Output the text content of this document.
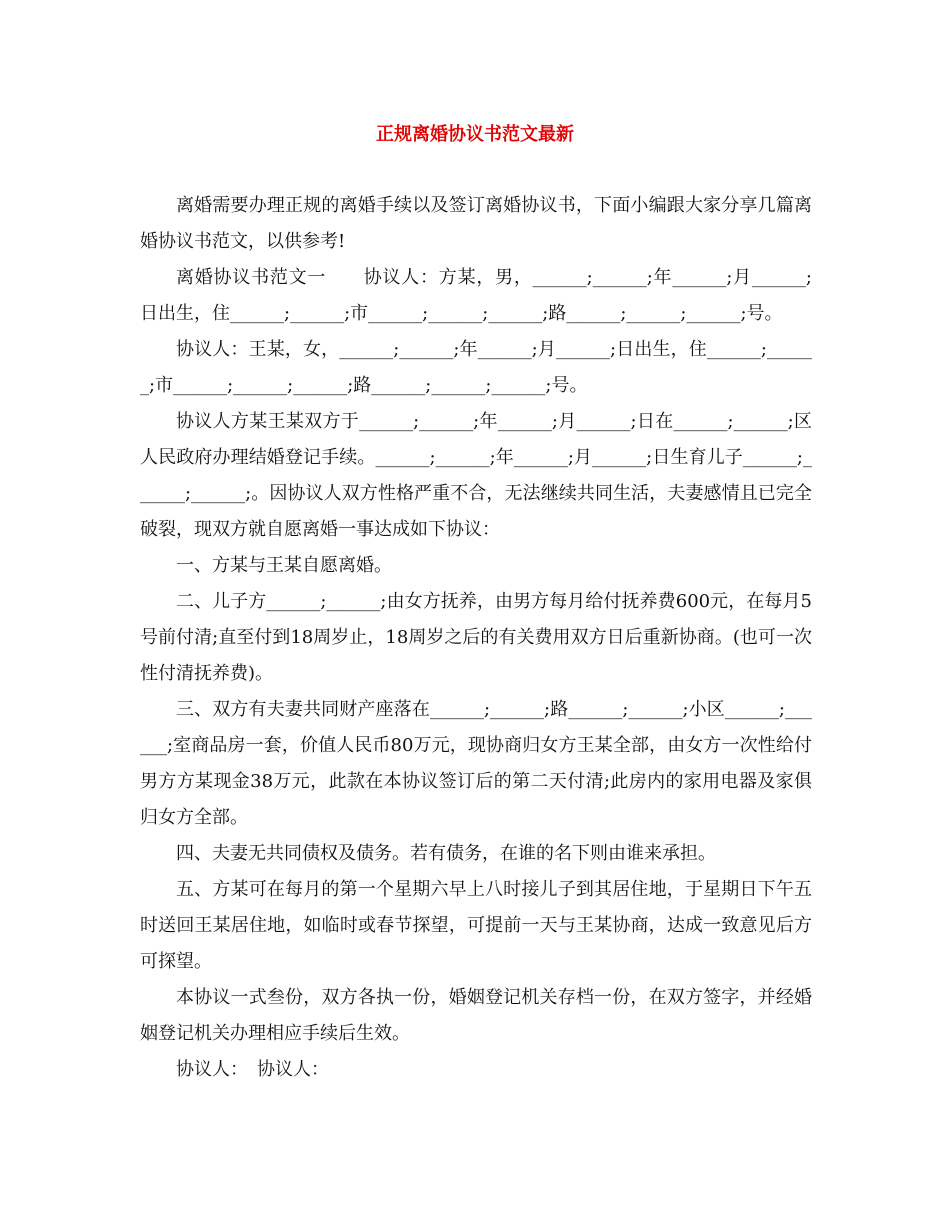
正规离婚协议书范文最新

离婚需要办理正规的离婚手续以及签订离婚协议书，下面小编跟大家分享几篇离婚协议书范文，以供参考!

离婚协议书范文一　　协议人：方某，男，______;______;年______;月______;日出生，住______;______;市______;______;______;路______;______;______;号。

协议人：王某，女，______;______;年______;月______;日出生，住______;______;市______;______;______;路______;______;______;号。

协议人方某王某双方于______;______;年______;月______;日在______;______;区人民政府办理结婚登记手续。______;______;年______;月______;日生育儿子______;______;______;。因协议人双方性格严重不合，无法继续共同生活，夫妻感情且已完全破裂，现双方就自愿离婚一事达成如下协议：

一、方某与王某自愿离婚。

二、儿子方______;______;由女方抚养，由男方每月给付抚养费600元，在每月5号前付清;直至付到18周岁止，18周岁之后的有关费用双方日后重新协商。(也可一次性付清抚养费)。

三、双方有夫妻共同财产座落在______;______;路______;______;小区______;______;室商品房一套，价值人民币80万元，现协商归女方王某全部，由女方一次性给付男方方某现金38万元，此款在本协议签订后的第二天付清;此房内的家用电器及家俱归女方全部。

四、夫妻无共同债权及债务。若有债务，在谁的名下则由谁来承担。

五、方某可在每月的第一个星期六早上八时接儿子到其居住地，于星期日下午五时送回王某居住地，如临时或春节探望，可提前一天与王某协商，达成一致意见后方可探望。

本协议一式叁份，双方各执一份，婚姻登记机关存档一份，在双方签字，并经婚姻登记机关办理相应手续后生效。

协议人：　协议人：
